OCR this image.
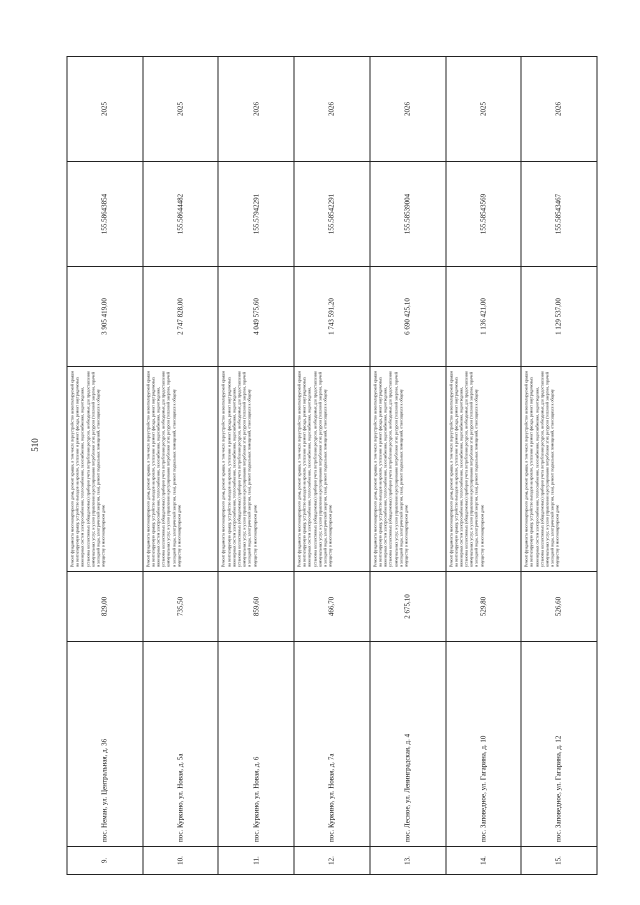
510
9.	пос. Неман, ул. Центральная, д. 36	829,00	Ремонт фундамента многоквартирного дома, ремонт крыши, в том числе переустройство невентилируемой крыши на вентилируемую крышу, устройство выходов на кровлю, утепление и ремонт фасада, ремонт внутридомовых инженерных систем электроснабжения, теплоснабжения, газоснабжения, водоснабжения, водоотведения, установка коллективных (общедомовых) приборов учета потребления ресурсов, необходимых для предоставления коммунальных услуг, и узлов управления и регулирования потребления этих ресурсов (тепловой энергии, горячей и холодной воды, электрической энергии, газа), ремонт подвальных помещений, относящихся к общему имуществу в многоквартирном доме	3 905 419,00	155.58643854	2025
10.	пос. Куркино, ул. Новая, д. 5а	735,50	Ремонт фундамента многоквартирного дома, ремонт крыши, в том числе переустройство невентилируемой крыши на вентилируемую крышу, устройство выходов на кровлю, утепление и ремонт фасада, ремонт внутридомовых инженерных систем электроснабжения, теплоснабжения, газоснабжения, водоснабжения, водоотведения, установка коллективных (общедомовых) приборов учета потребления ресурсов, необходимых для предоставления коммунальных услуг, и узлов управления и регулирования потребления этих ресурсов (тепловой энергии, горячей и холодной воды, электрической энергии, газа), ремонт подвальных помещений, относящихся к общему имуществу в многоквартирном доме	2 747 828,00	155.58644482	2025
11.	пос. Куркино, ул. Новая, д. 6	859,60	Ремонт фундамента многоквартирного дома, ремонт крыши, в том числе переустройство невентилируемой крыши на вентилируемую крышу, устройство выходов на кровлю, утепление и ремонт фасада, ремонт внутридомовых инженерных систем электроснабжения, теплоснабжения, газоснабжения, водоснабжения, водоотведения, установка коллективных (общедомовых) приборов учета потребления ресурсов, необходимых для предоставления коммунальных услуг, и узлов управления и регулирования потребления этих ресурсов (тепловой энергии, горячей и холодной воды, электрической энергии, газа), ремонт подвальных помещений, относящихся к общему имуществу в многоквартирном доме	4 049 575,60	155.57942291	2026
12.	пос. Куркино, ул. Новая, д. 7а	466,70	Ремонт фундамента многоквартирного дома, ремонт крыши, в том числе переустройство невентилируемой крыши на вентилируемую крышу, устройство выходов на кровлю, утепление и ремонт фасада, ремонт внутридомовых инженерных систем электроснабжения, теплоснабжения, газоснабжения, водоснабжения, водоотведения, установка коллективных (общедомовых) приборов учета потребления ресурсов, необходимых для предоставления коммунальных услуг, и узлов управления и регулирования потребления этих ресурсов (тепловой энергии, горячей и холодной воды, электрической энергии, газа), ремонт подвальных помещений, относящихся к общему имуществу в многоквартирном доме	1 743 591,20	155.58542291	2026
13.	пос. Лесное, ул. Ленинградская, д. 4	2 675,10	Ремонт фундамента многоквартирного дома, ремонт крыши, в том числе переустройство невентилируемой крыши на вентилируемую крышу, устройство выходов на кровлю, утепление и ремонт фасада, ремонт внутридомовых инженерных систем электроснабжения, теплоснабжения, газоснабжения, водоснабжения, водоотведения, установка коллективных (общедомовых) приборов учета потребления ресурсов, необходимых для предоставления коммунальных услуг, и узлов управления и регулирования потребления этих ресурсов (тепловой энергии, горячей и холодной воды, электрической энергии, газа), ремонт подвальных помещений, относящихся к общему имуществу в многоквартирном доме	6 690 425,10	155.58539004	2026
14.	пос. Заповедное, ул. Гагарина, д. 10	529,80	Ремонт фундамента многоквартирного дома, ремонт крыши, в том числе переустройство невентилируемой крыши на вентилируемую крышу, устройство выходов на кровлю, утепление и ремонт фасада, ремонт внутридомовых инженерных систем электроснабжения, теплоснабжения, газоснабжения, водоснабжения, водоотведения, установка коллективных (общедомовых) приборов учета потребления ресурсов, необходимых для предоставления коммунальных услуг, и узлов управления и регулирования потребления этих ресурсов (тепловой энергии, горячей и холодной воды, электрической энергии, газа), ремонт подвальных помещений, относящихся к общему имуществу в многоквартирном доме	1 136 421,00	155.58543569	2025
15.	пос. Заповедное, ул. Гагарина, д. 12	526,60	Ремонт фундамента многоквартирного дома, ремонт крыши, в том числе переустройство невентилируемой крыши на вентилируемую крышу, устройство выходов на кровлю, утепление и ремонт фасада, ремонт внутридомовых инженерных систем электроснабжения, теплоснабжения, газоснабжения, водоснабжения, водоотведения, установка коллективных (общедомовых) приборов учета потребления ресурсов, необходимых для предоставления коммунальных услуг, и узлов управления и регулирования потребления этих ресурсов (тепловой энергии, горячей и холодной воды, электрической энергии, газа), ремонт подвальных помещений, относящихся к общему имуществу в многоквартирном доме	1 129 537,00	155.58543467	2026
